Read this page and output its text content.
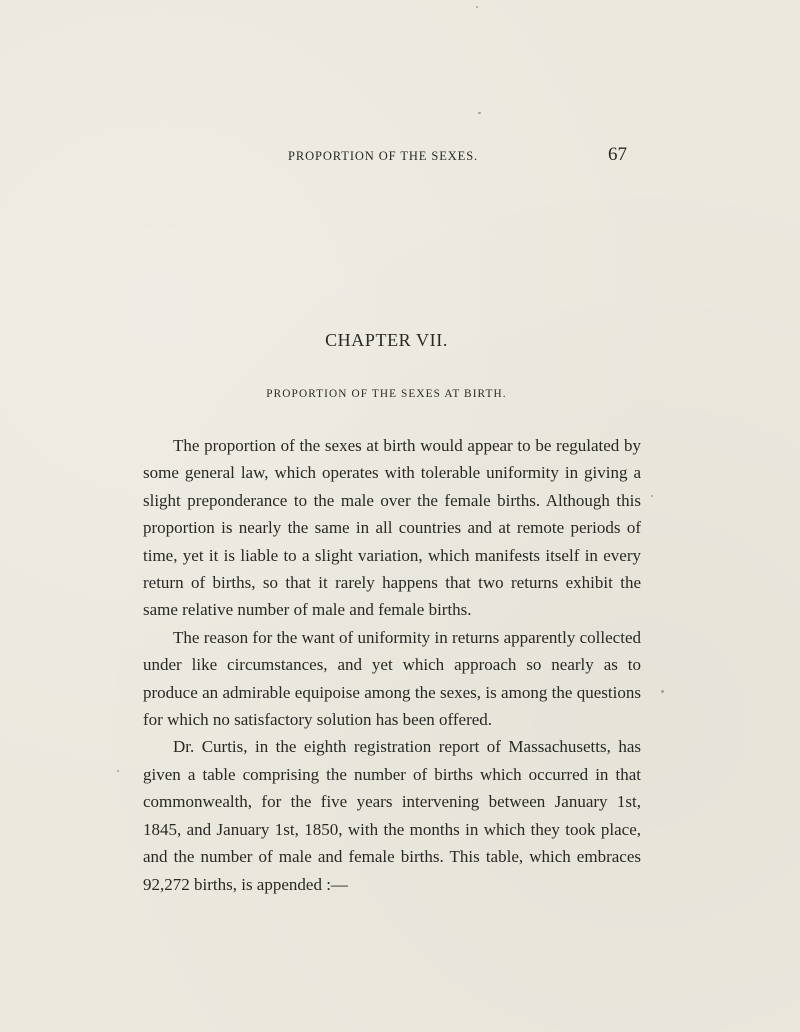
PROPORTION OF THE SEXES.	67
CHAPTER VII.
PROPORTION OF THE SEXES AT BIRTH.

The proportion of the sexes at birth would appear to be regulated by some general law, which operates with tolerable uniformity in giving a slight preponderance to the male over the female births. Although this proportion is nearly the same in all countries and at remote periods of time, yet it is liable to a slight variation, which manifests itself in every return of births, so that it rarely happens that two returns exhibit the same relative number of male and female births.

The reason for the want of uniformity in returns apparently collected under like circumstances, and yet which approach so nearly as to produce an admirable equipoise among the sexes, is among the questions for which no satisfactory solution has been offered.

Dr. Curtis, in the eighth registration report of Massachusetts, has given a table comprising the number of births which occurred in that commonwealth, for the five years intervening between January 1st, 1845, and January 1st, 1850, with the months in which they took place, and the number of male and female births. This table, which embraces 92,272 births, is appended :—
